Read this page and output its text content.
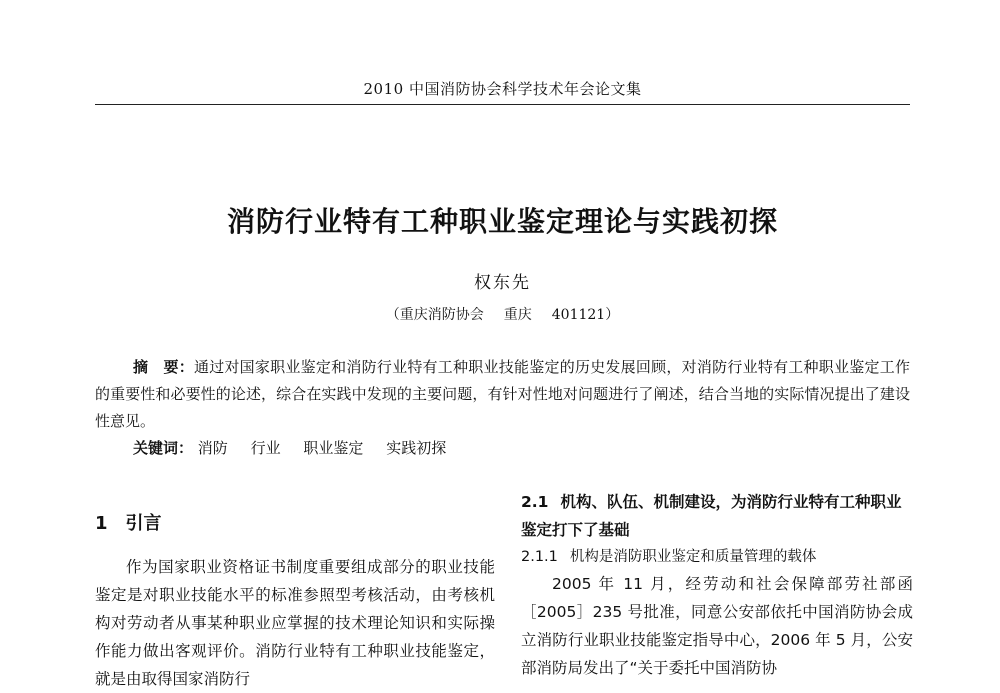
2010 中国消防协会科学技术年会论文集
消防行业特有工种职业鉴定理论与实践初探
权东先
（重庆消防协会 重庆 401121）
摘　要：通过对国家职业鉴定和消防行业特有工种职业技能鉴定的历史发展回顾，对消防行业特有工种职业鉴定工作的重要性和必要性的论述，综合在实践中发现的主要问题，有针对性地对问题进行了阐述，结合当地的实际情况提出了建设性意见。
关键词： 消防 行业 职业鉴定 实践初探
1 引言

作为国家职业资格证书制度重要组成部分的职业技能鉴定是对职业技能水平的标准参照型考核活动，由考核机构对劳动者从事某种职业应掌握的技术理论知识和实际操作能力做出客观评价。消防行业特有工种职业技能鉴定，就是由取得国家消防行

2.1 机构、队伍、机制建设，为消防行业特有工种职业鉴定打下了基础

2.1.1 机构是消防职业鉴定和质量管理的载体

2005 年 11 月，经劳动和社会保障部劳社部函［2005］235 号批准，同意公安部依托中国消防协会成立消防行业职业技能鉴定指导中心，2006 年 5 月，公安部消防局发出了“关于委托中国消防协
